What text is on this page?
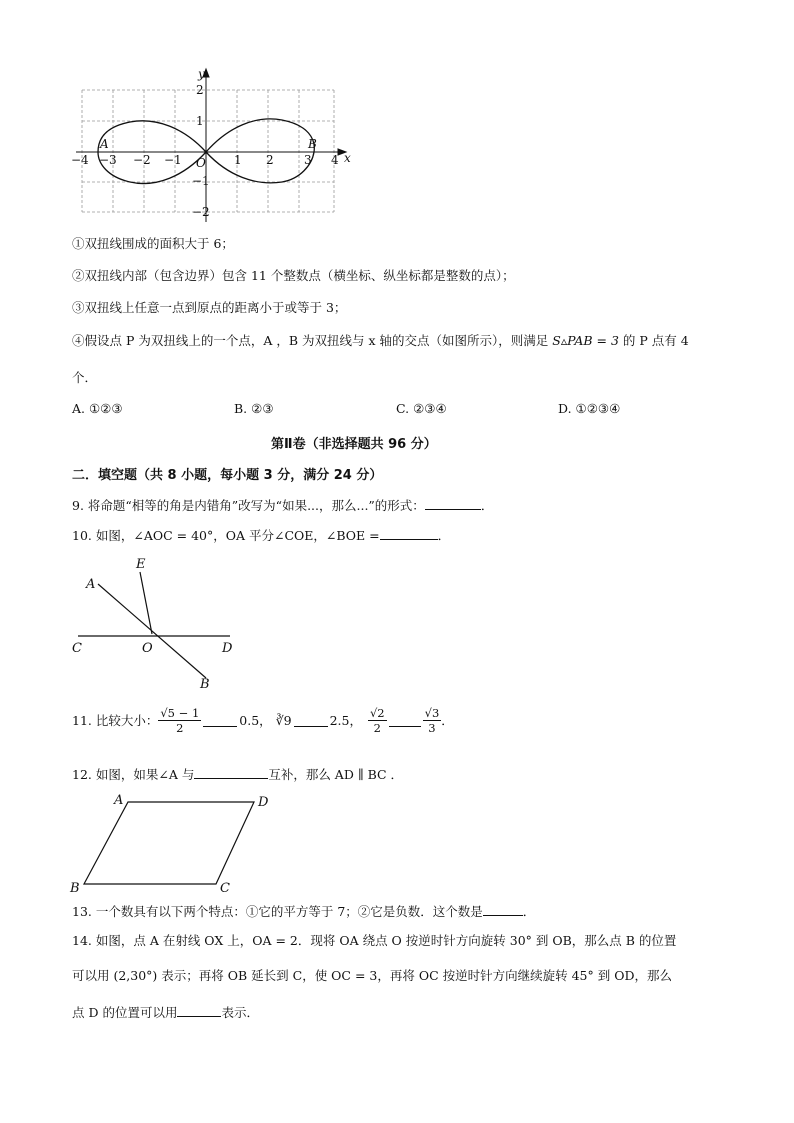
−4 −3 −2 −1	1 2	3 4
2
1
−1
−2
x
y
A	B
O
①双扭线围成的面积大于 6；
②双扭线内部（包含边界）包含 11 个整数点（横坐标、纵坐标都是整数的点）；
③双扭线上任意一点到原点的距离小于或等于 3；
④假设点 P 为双扭线上的一个点，A ，B 为双扭线与 x 轴的交点（如图所示），则满足 S▵PAB = 3 的 P 点有 4
个．
A. ①②③	B. ②③	C. ②③④	D. ①②③④
第Ⅱ卷（非选择题共 96 分）
二．填空题（共 8 小题，每小题 3 分，满分 24 分）
9. 将命题“相等的角是内错角”改写为“如果...，那么...”的形式：	．
10. 如图，∠AOC = 40°，OA 平分∠COE，∠BOE =	．
A
E
C	O	D
B
11. 比较大小： $\frac{√5 - 1}{2}$	0.5， ∛9	2.5， $\frac{√2}{2}$	$\frac{√3}{3}$ ．
12. 如图，如果∠A 与	互补，那么 AD ∥ BC ．
A	D
B	C
13. 一个数具有以下两个特点：①它的平方等于 7；②它是负数．这个数是	．
14. 如图，点 A 在射线 OX 上，OA = 2．现将 OA 绕点 O 按逆时针方向旋转 30° 到 OB，那么点 B 的位置
可以用 (2,30°) 表示；再将 OB 延长到 C，使 OC = 3，再将 OC 按逆时针方向继续旋转 45° 到 OD，那么
点 D 的位置可以用	表示．
